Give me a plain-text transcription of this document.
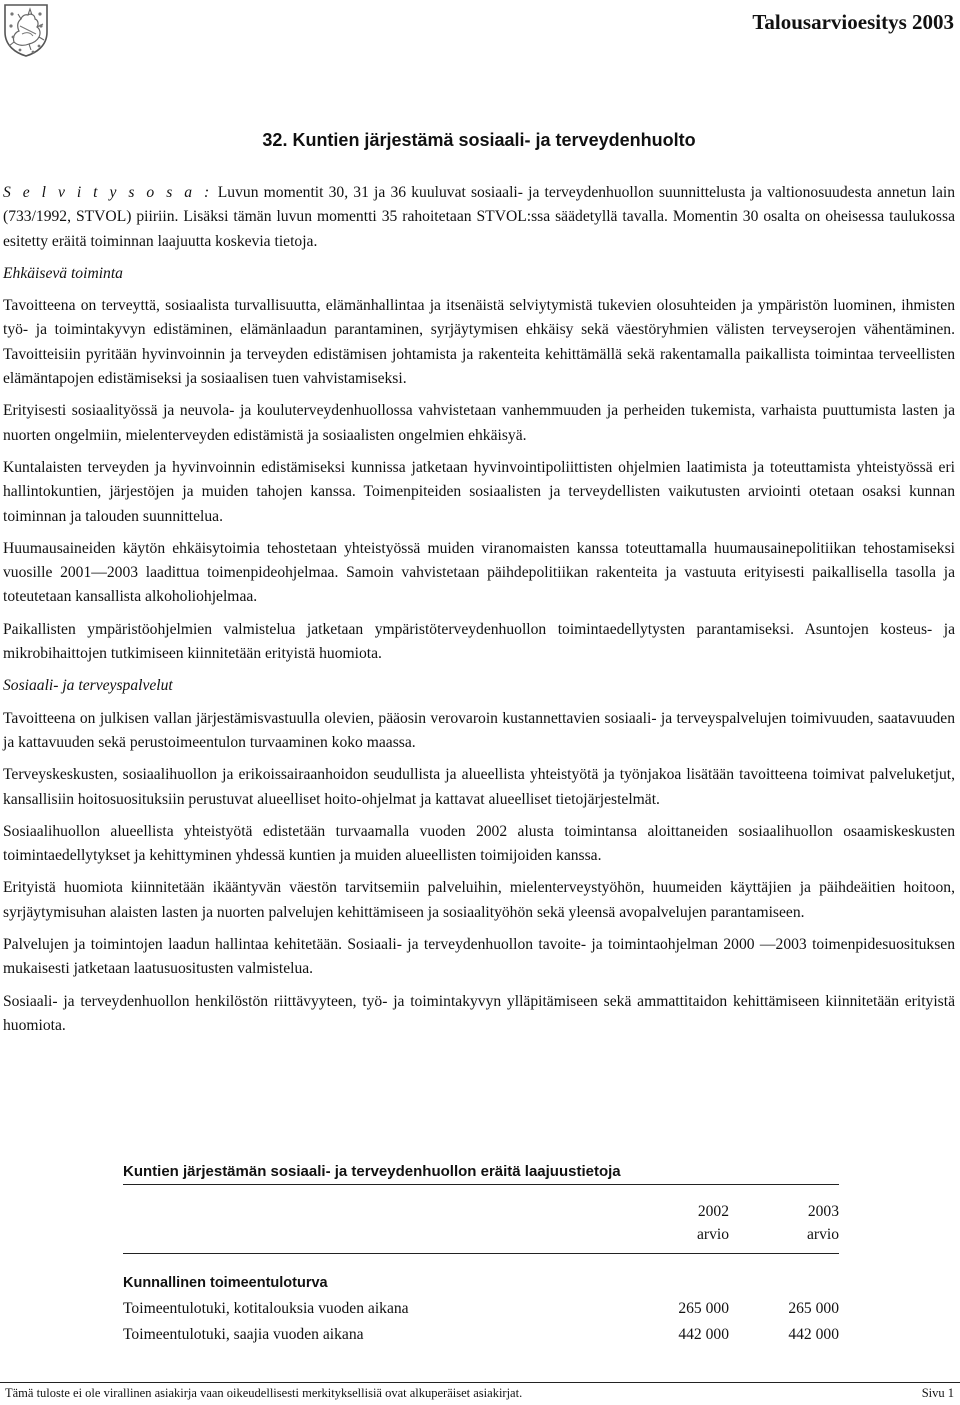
Talousarvioesitys 2003
32. Kuntien järjestämä sosiaali- ja terveydenhuolto

S e l v i t y s o s a : Luvun momentit 30, 31 ja 36 kuuluvat sosiaali- ja terveydenhuollon suunnittelusta ja valtionosuudesta annetun lain (733/1992, STVOL) piiriin. Lisäksi tämän luvun momentti 35 rahoitetaan STVOL:ssa säädetyllä tavalla. Momentin 30 osalta on oheisessa taulukossa esitetty eräitä toiminnan laajuutta koskevia tietoja.

Ehkäisevä toiminta

Tavoitteena on terveyttä, sosiaalista turvallisuutta, elämänhallintaa ja itsenäistä selviytymistä tukevien olosuhteiden ja ympäristön luominen, ihmisten työ- ja toimintakyvyn edistäminen, elämänlaadun parantaminen, syrjäytymisen ehkäisy sekä väestöryhmien välisten terveyserojen vähentäminen. Tavoitteisiin pyritään hyvinvoinnin ja terveyden edistämisen johtamista ja rakenteita kehittämällä sekä rakentamalla paikallista toimintaa terveellisten elämäntapojen edistämiseksi ja sosiaalisen tuen vahvistamiseksi.

Erityisesti sosiaalityössä ja neuvola- ja kouluterveydenhuollossa vahvistetaan vanhemmuuden ja perheiden tukemista, varhaista puuttumista lasten ja nuorten ongelmiin, mielenterveyden edistämistä ja sosiaalisten ongelmien ehkäisyä.

Kuntalaisten terveyden ja hyvinvoinnin edistämiseksi kunnissa jatketaan hyvinvointipoliittisten ohjelmien laatimista ja toteuttamista yhteistyössä eri hallintokuntien, järjestöjen ja muiden tahojen kanssa. Toimenpiteiden sosiaalisten ja terveydellisten vaikutusten arviointi otetaan osaksi kunnan toiminnan ja talouden suunnittelua.

Huumausaineiden käytön ehkäisytoimia tehostetaan yhteistyössä muiden viranomaisten kanssa toteuttamalla huumausainepolitiikan tehostamiseksi vuosille 2001—2003 laadittua toimenpideohjelmaa. Samoin vahvistetaan päihdepolitiikan rakenteita ja vastuuta erityisesti paikallisella tasolla ja toteutetaan kansallista alkoholiohjelmaa.

Paikallisten ympäristöohjelmien valmistelua jatketaan ympäristöterveydenhuollon toimintaedellytysten parantamiseksi. Asuntojen kosteus- ja mikrobihaittojen tutkimiseen kiinnitetään erityistä huomiota.

Sosiaali- ja terveyspalvelut

Tavoitteena on julkisen vallan järjestämisvastuulla olevien, pääosin verovaroin kustannettavien sosiaali- ja terveyspalvelujen toimivuuden, saatavuuden ja kattavuuden sekä perustoimeentulon turvaaminen koko maassa.

Terveyskeskusten, sosiaalihuollon ja erikoissairaanhoidon seudullista ja alueellista yhteistyötä ja työnjakoa lisätään tavoitteena toimivat palveluketjut, kansallisiin hoitosuosituksiin perustuvat alueelliset hoito-ohjelmat ja kattavat alueelliset tietojärjestelmät.

Sosiaalihuollon alueellista yhteistyötä edistetään turvaamalla vuoden 2002 alusta toimintansa aloittaneiden sosiaalihuollon osaamiskeskusten toimintaedellytykset ja kehittyminen yhdessä kuntien ja muiden alueellisten toimijoiden kanssa.

Erityistä huomiota kiinnitetään ikääntyvän väestön tarvitsemiin palveluihin, mielenterveystyöhön, huumeiden käyttäjien ja päihdeäitien hoitoon, syrjäytymisuhan alaisten lasten ja nuorten palvelujen kehittämiseen ja sosiaalityöhön sekä yleensä avopalvelujen parantamiseen.

Palvelujen ja toimintojen laadun hallintaa kehitetään. Sosiaali- ja terveydenhuollon tavoite- ja toimintaohjelman 2000 —2003 toimenpidesuosituksen mukaisesti jatketaan laatusuositusten valmistelua.

Sosiaali- ja terveydenhuollon henkilöstön riittävyyteen, työ- ja toimintakyvyn ylläpitämiseen sekä ammattitaidon kehittämiseen kiinnitetään erityistä huomiota.

Kuntien järjestämän sosiaali- ja terveydenhuollon eräitä laajuustietoja
	2002	2003
	arvio	arvio

Kunnallinen toimeentuloturva		
Toimeentulotuki, kotitalouksia vuoden aikana	265 000	265 000
Toimeentulotuki, saajia vuoden aikana	442 000	442 000
Tämä tuloste ei ole virallinen asiakirja vaan oikeudellisesti merkityksellisiä ovat alkuperäiset asiakirjat.	Sivu 1
